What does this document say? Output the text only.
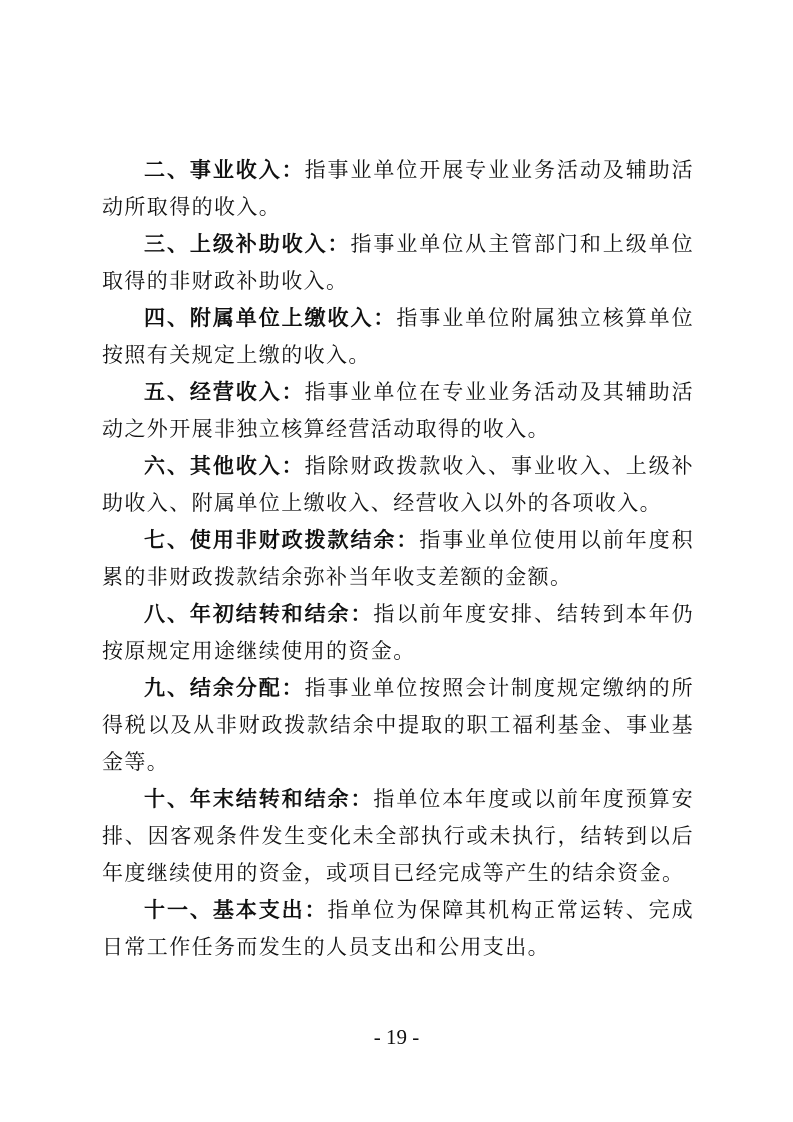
二、事业收入：指事业单位开展专业业务活动及辅助活动所取得的收入。

三、上级补助收入：指事业单位从主管部门和上级单位取得的非财政补助收入。

四、附属单位上缴收入：指事业单位附属独立核算单位按照有关规定上缴的收入。

五、经营收入：指事业单位在专业业务活动及其辅助活动之外开展非独立核算经营活动取得的收入。

六、其他收入：指除财政拨款收入、事业收入、上级补助收入、附属单位上缴收入、经营收入以外的各项收入。

七、使用非财政拨款结余：指事业单位使用以前年度积累的非财政拨款结余弥补当年收支差额的金额。

八、年初结转和结余：指以前年度安排、结转到本年仍按原规定用途继续使用的资金。

九、结余分配：指事业单位按照会计制度规定缴纳的所得税以及从非财政拨款结余中提取的职工福利基金、事业基金等。

十、年末结转和结余：指单位本年度或以前年度预算安排、因客观条件发生变化未全部执行或未执行，结转到以后年度继续使用的资金，或项目已经完成等产生的结余资金。

十一、基本支出：指单位为保障其机构正常运转、完成日常工作任务而发生的人员支出和公用支出。

- 19 -
